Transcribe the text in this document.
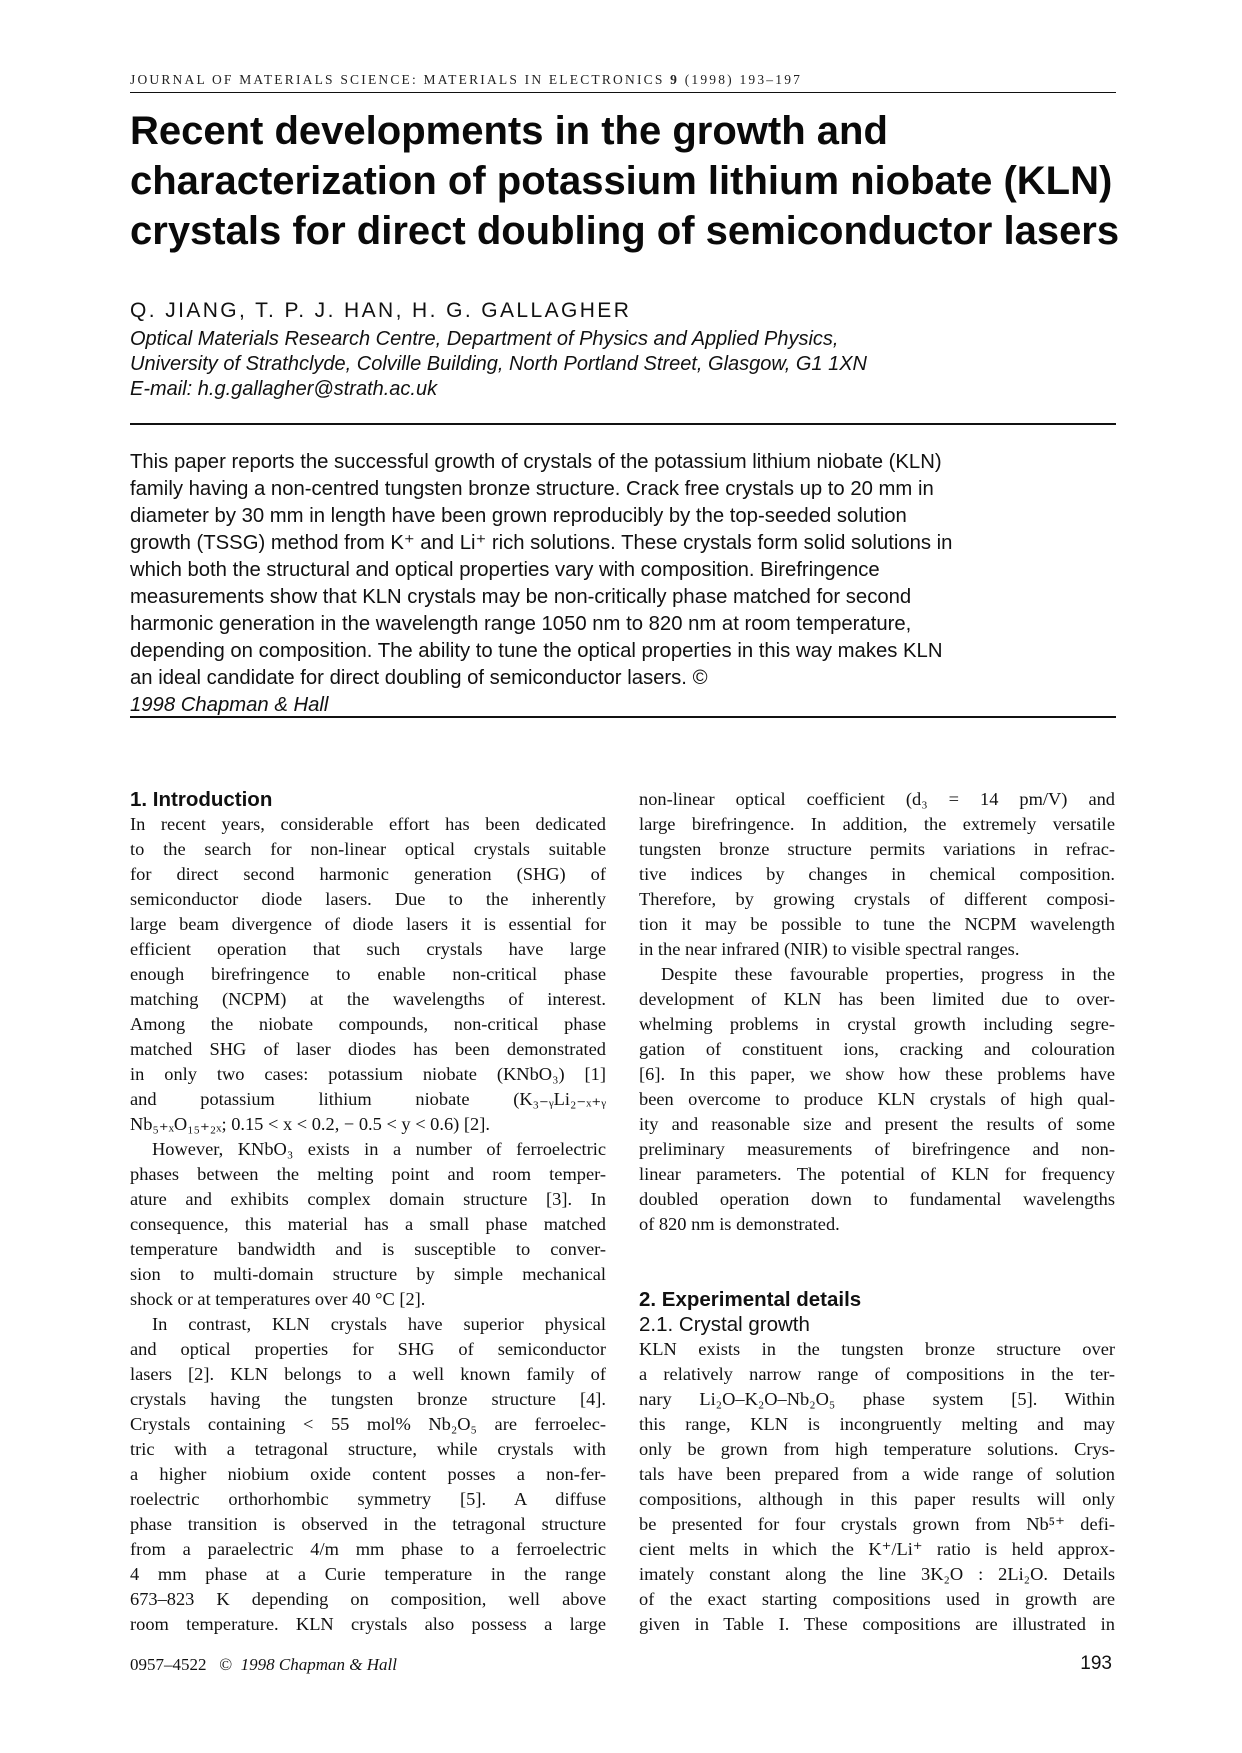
JOURNAL OF MATERIALS SCIENCE: MATERIALS IN ELECTRONICS 9 (1998) 193–197
Recent developments in the growth and
characterization of potassium lithium niobate (KLN)
crystals for direct doubling of semiconductor lasers
Q. JIANG, T. P. J. HAN, H. G. GALLAGHER
Optical Materials Research Centre, Department of Physics and Applied Physics,
University of Strathclyde, Colville Building, North Portland Street, Glasgow, G1 1XN
E-mail: h.g.gallagher@strath.ac.uk
This paper reports the successful growth of crystals of the potassium lithium niobate (KLN)
family having a non-centred tungsten bronze structure. Crack free crystals up to 20 mm in
diameter by 30 mm in length have been grown reproducibly by the top-seeded solution
growth (TSSG) method from K⁺ and Li⁺ rich solutions. These crystals form solid solutions in
which both the structural and optical properties vary with composition. Birefringence
measurements show that KLN crystals may be non-critically phase matched for second
harmonic generation in the wavelength range 1050 nm to 820 nm at room temperature,
depending on composition. The ability to tune the optical properties in this way makes KLN
an ideal candidate for direct doubling of semiconductor lasers. ©
1998 Chapman & Hall
1. Introduction
In recent years, considerable effort has been dedicated
to the search for non-linear optical crystals suitable
for direct second harmonic generation (SHG) of
semiconductor diode lasers. Due to the inherently
large beam divergence of diode lasers it is essential for
efficient operation that such crystals have large
enough birefringence to enable non-critical phase
matching (NCPM) at the wavelengths of interest.
Among the niobate compounds, non-critical phase
matched SHG of laser diodes has been demonstrated
in only two cases: potassium niobate (KNbO₃) [1]
and potassium lithium niobate (K₃₋ᵧLi₂₋ₓ₊ᵧ
Nb₅₊ₓO₁₅₊₂ₓ; 0.15 < x < 0.2, − 0.5 < y < 0.6) [2].
However, KNbO₃ exists in a number of ferroelectric
phases between the melting point and room temper-
ature and exhibits complex domain structure [3]. In
consequence, this material has a small phase matched
temperature bandwidth and is susceptible to conver-
sion to multi-domain structure by simple mechanical
shock or at temperatures over 40 °C [2].
In contrast, KLN crystals have superior physical
and optical properties for SHG of semiconductor
lasers [2]. KLN belongs to a well known family of
crystals having the tungsten bronze structure [4].
Crystals containing < 55 mol% Nb₂O₅ are ferroelec-
tric with a tetragonal structure, while crystals with
a higher niobium oxide content posses a non-fer-
roelectric orthorhombic symmetry [5]. A diffuse
phase transition is observed in the tetragonal structure
from a paraelectric 4/m mm phase to a ferroelectric
4 mm phase at a Curie temperature in the range
673–823 K depending on composition, well above
room temperature. KLN crystals also possess a large
non-linear optical coefficient (d₃ = 14 pm/V) and
large birefringence. In addition, the extremely versatile
tungsten bronze structure permits variations in refrac-
tive indices by changes in chemical composition.
Therefore, by growing crystals of different composi-
tion it may be possible to tune the NCPM wavelength
in the near infrared (NIR) to visible spectral ranges.
Despite these favourable properties, progress in the
development of KLN has been limited due to over-
whelming problems in crystal growth including segre-
gation of constituent ions, cracking and colouration
[6]. In this paper, we show how these problems have
been overcome to produce KLN crystals of high qual-
ity and reasonable size and present the results of some
preliminary measurements of birefringence and non-
linear parameters. The potential of KLN for frequency
doubled operation down to fundamental wavelengths
of 820 nm is demonstrated.
2. Experimental details
2.1. Crystal growth
KLN exists in the tungsten bronze structure over
a relatively narrow range of compositions in the ter-
nary Li₂O–K₂O–Nb₂O₅ phase system [5]. Within
this range, KLN is incongruently melting and may
only be grown from high temperature solutions. Crys-
tals have been prepared from a wide range of solution
compositions, although in this paper results will only
be presented for four crystals grown from Nb⁵⁺ defi-
cient melts in which the K⁺/Li⁺ ratio is held approx-
imately constant along the line 3K₂O : 2Li₂O. Details
of the exact starting compositions used in growth are
given in Table I. These compositions are illustrated in
0957–4522 © 1998 Chapman & Hall	193
